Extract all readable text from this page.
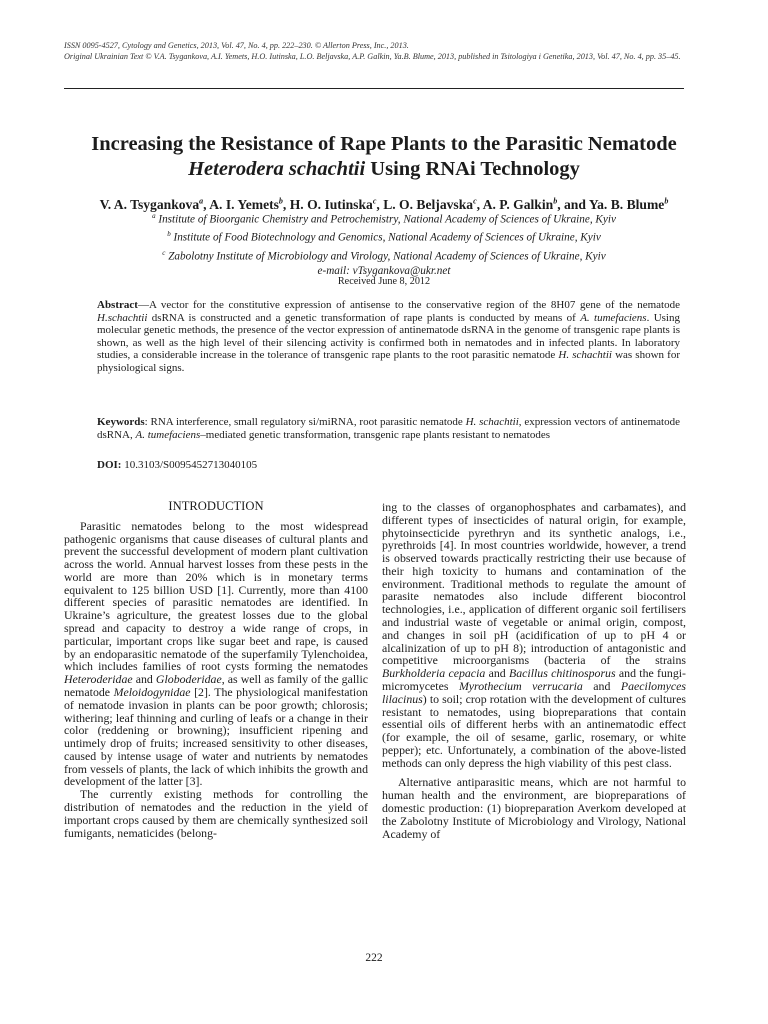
ISSN 0095-4527, Cytology and Genetics, 2013, Vol. 47, No. 4, pp. 222–230. © Allerton Press, Inc., 2013.
Original Ukrainian Text © V.A. Tsygankova, A.I. Yemets, H.O. Iutinska, L.O. Beljavska, A.P. Galkin, Ya.B. Blume, 2013, published in Tsitologiya i Genetika, 2013, Vol. 47, No. 4, pp. 35–45.
Increasing the Resistance of Rape Plants to the Parasitic Nematode
Heterodera schachtii Using RNAi Technology
V. A. Tsygankova$^a$, A. I. Yemets$^b$, H. O. Iutinska$^c$, L. O. Beljavska$^c$, A. P. Galkin$^b$, and Ya. B. Blume$^b$
$^a$ Institute of Bioorganic Chemistry and Petrochemistry, National Academy of Sciences of Ukraine, Kyiv
$^b$ Institute of Food Biotechnology and Genomics, National Academy of Sciences of Ukraine, Kyiv
$^c$ Zabolotny Institute of Microbiology and Virology, National Academy of Sciences of Ukraine, Kyiv
e-mail: vTsygankova@ukr.net
Received June 8, 2012
Abstract—A vector for the constitutive expression of antisense to the conservative region of the 8H07 gene of the nematode H.schachtii dsRNA is constructed and a genetic transformation of rape plants is conducted by means of A. tumefaciens. Using molecular genetic methods, the presence of the vector expression of antinematode dsRNA in the genome of transgenic rape plants is shown, as well as the high level of their silencing activity is confirmed both in nematodes and in infected plants. In laboratory studies, a considerable increase in the tolerance of transgenic rape plants to the root parasitic nematode H. schachtii was shown for physiological signs.
Keywords: RNA interference, small regulatory si/miRNA, root parasitic nematode H. schachtii, expression vectors of antinematode dsRNA, A. tumefaciens–mediated genetic transformation, transgenic rape plants resistant to nematodes
DOI: 10.3103/S0095452713040105
INTRODUCTION

Parasitic nematodes belong to the most widespread pathogenic organisms that cause diseases of cultural plants and prevent the successful development of modern plant cultivation across the world. Annual harvest losses from these pests in the world are more than 20% which is in monetary terms equivalent to 125 billion USD [1]. Currently, more than 4100 different species of parasitic nematodes are identified. In Ukraine’s agriculture, the greatest losses due to the global spread and capacity to destroy a wide range of crops, in particular, important crops like sugar beet and rape, is caused by an endoparasitic nematode of the superfamily Tylenchoidea, which includes families of root cysts forming the nematodes Heteroderidae and Globoderidae, as well as family of the gallic nematode Meloidogynidae [2]. The physiological manifestation of nematode invasion in plants can be poor growth; chlorosis; withering; leaf thinning and curling of leafs or a change in their color (reddening or browning); insufficient ripening and untimely drop of fruits; increased sensitivity to other diseases, caused by intense usage of water and nutrients by nematodes from vessels of plants, the lack of which inhibits the growth and development of the latter [3].

The currently existing methods for controlling the distribution of nematodes and the reduction in the yield of important crops caused by them are chemically synthesized soil fumigants, nematicides (belong-

ing to the classes of organophosphates and carbamates), and different types of insecticides of natural origin, for example, phytoinsecticide pyrethryn and its synthetic analogs, i.e., pyrethroids [4]. In most countries worldwide, however, a trend is observed towards practically restricting their use because of their high toxicity to humans and contamination of the environment. Traditional methods to regulate the amount of parasite nematodes also include different biocontrol technologies, i.e., application of different organic soil fertilisers and industrial waste of vegetable or animal origin, compost, and changes in soil pH (acidification of up to pH 4 or alcalinization of up to pH 8); introduction of antagonistic and competitive microorganisms (bacteria of the strains Burkholderia cepacia and Bacillus chitinosporus and the fungi-micromycetes Myrothecium verrucaria and Paecilomyces lilacinus) to soil; crop rotation with the development of cultures resistant to nematodes, using biopreparations that contain essential oils of different herbs with an antinematodic effect (for example, the oil of sesame, garlic, rosemary, or white pepper); etc. Unfortunately, a combination of the above-listed methods can only depress the high viability of this pest class.

Alternative antiparasitic means, which are not harmful to human health and the environment, are biopreparations of domestic production: (1) biopreparation Averkom developed at the Zabolotny Institute of Microbiology and Virology, National Academy of

222
